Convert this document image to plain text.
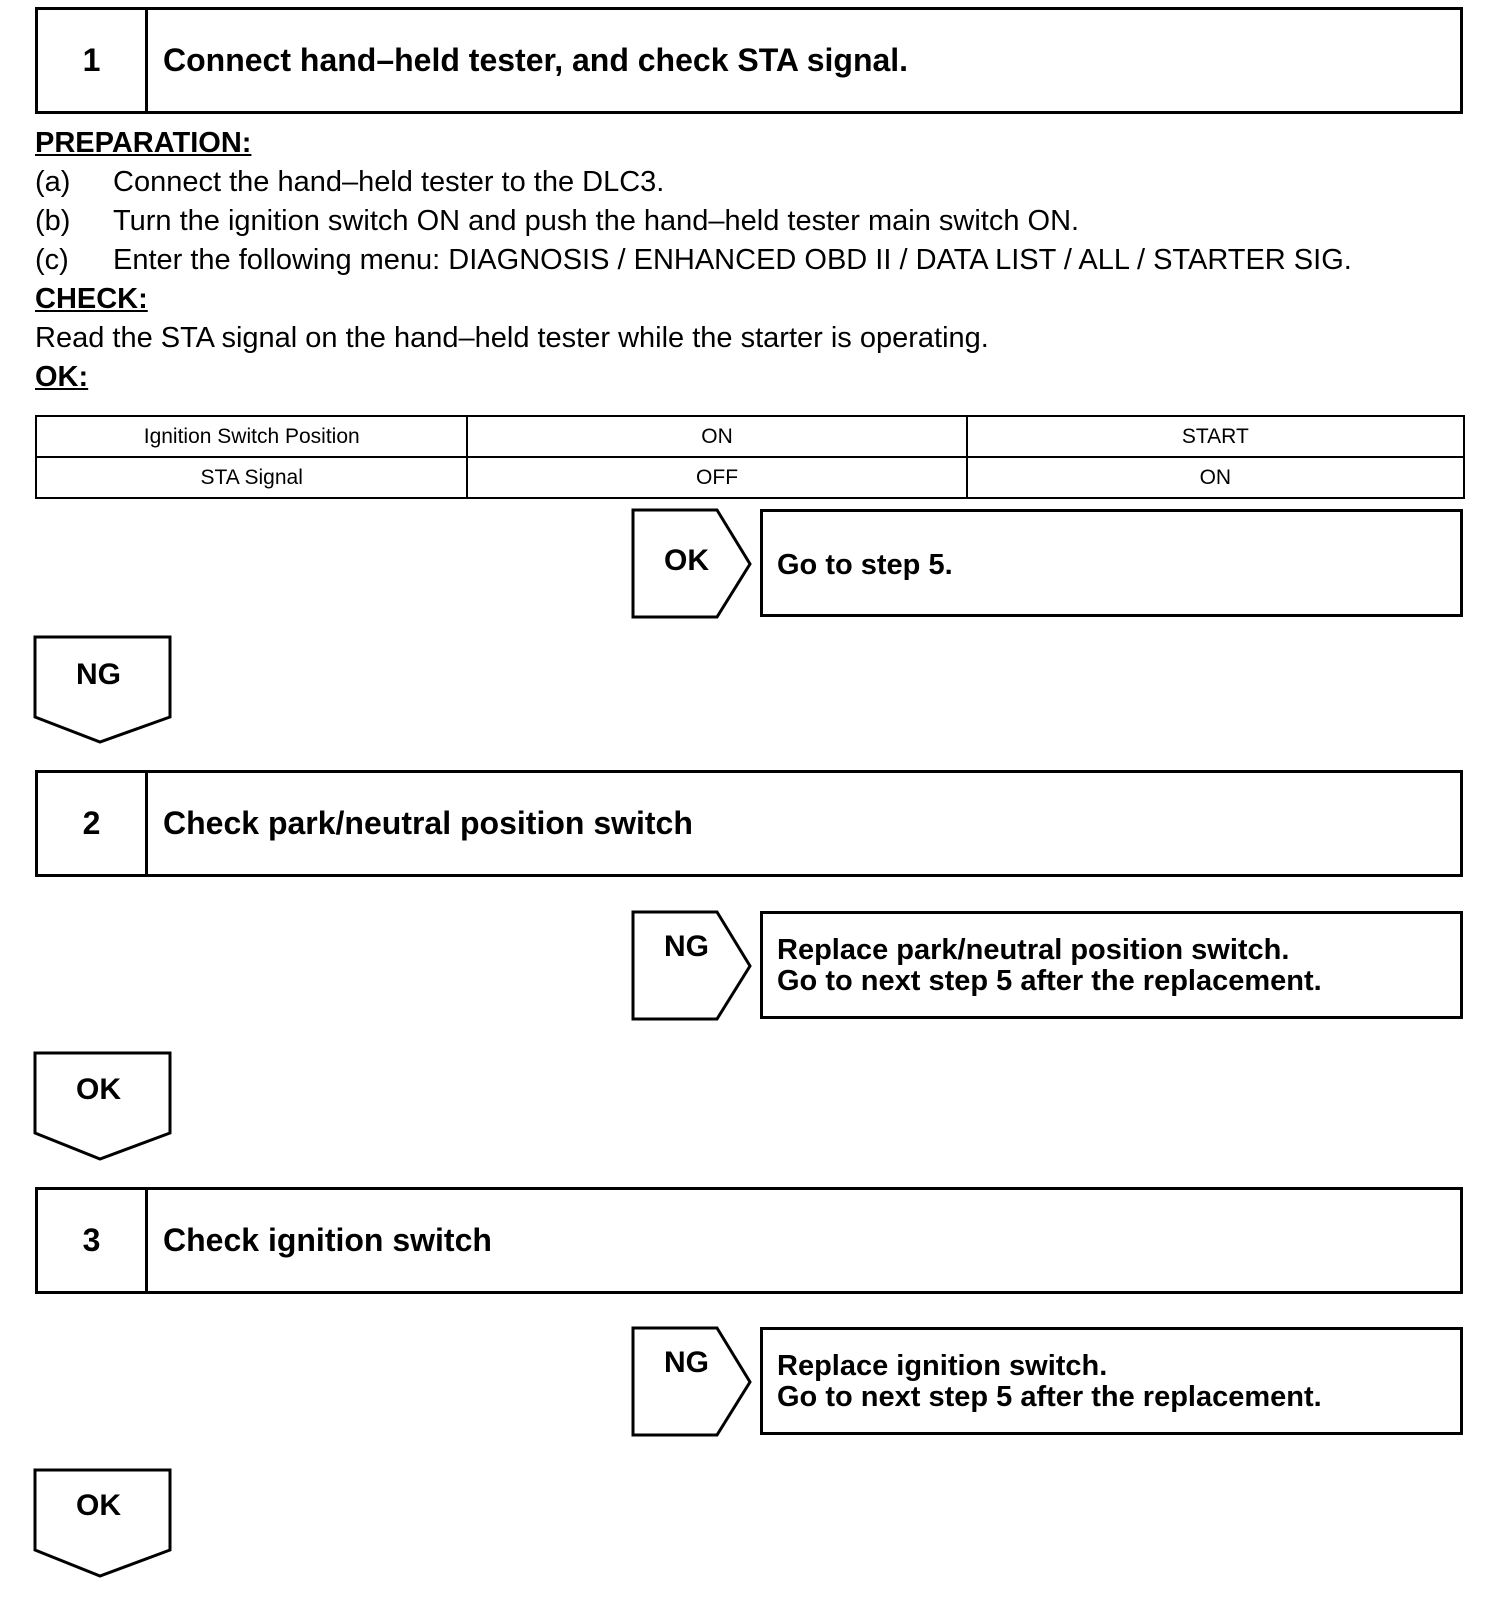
1	Connect hand–held tester, and check STA signal.
PREPARATION:
(a) Connect the hand–held tester to the DLC3.
(b) Turn the ignition switch ON and push the hand–held tester main switch ON.
(c) Enter the following menu: DIAGNOSIS / ENHANCED OBD II / DATA LIST / ALL / STARTER SIG.
CHECK:
Read the STA signal on the hand–held tester while the starter is operating.
OK:
Ignition Switch Position	ON	START
STA Signal	OFF	ON
OK Go to step 5.
NG
2	Check park/neutral position switch
NG Replace park/neutral position switch.
Go to next step 5 after the replacement.
OK
3	Check ignition switch
NG Replace ignition switch.
Go to next step 5 after the replacement.
OK
